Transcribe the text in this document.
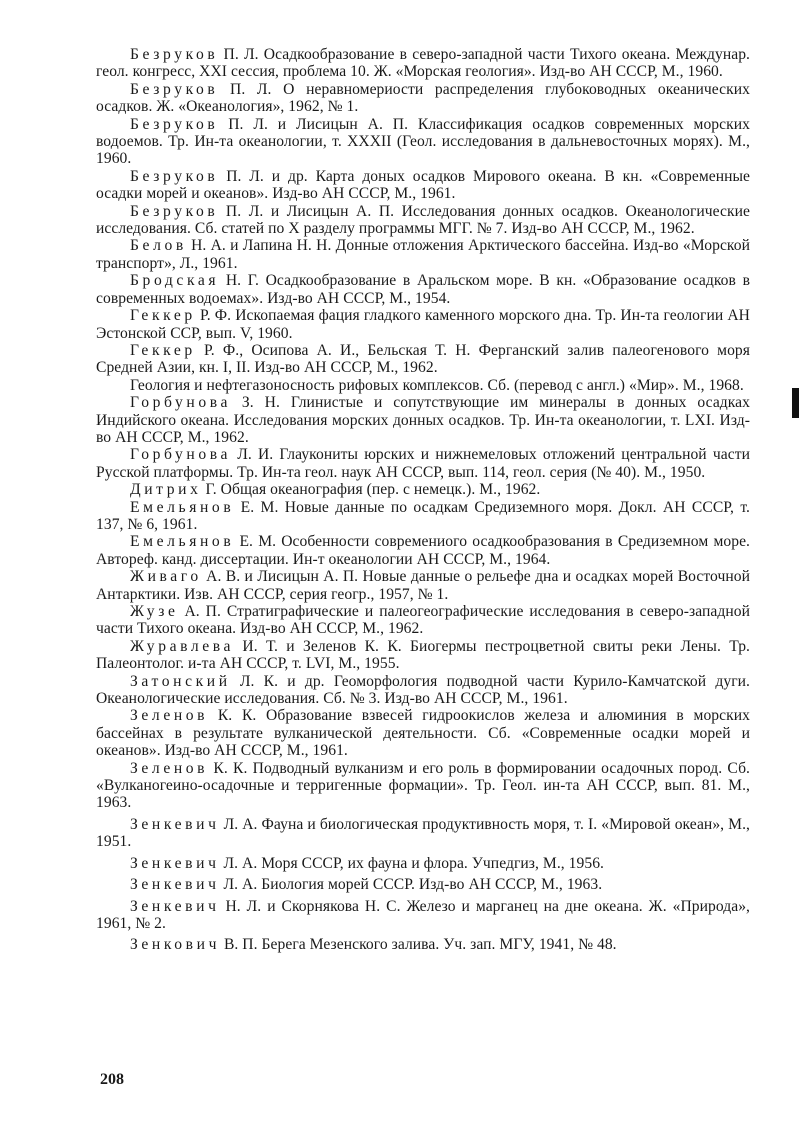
Безруков П. Л. Осадкообразование в северо-западной части Тихого океана. Междунар. геол. конгресс, XXI сессия, проблема 10. Ж. «Морская геология». Изд-во АН СССР, М., 1960.

Безруков П. Л. О неравномериости распределения глубоководных океанических осадков. Ж. «Океанология», 1962, № 1.

Безруков П. Л. и Лисицын А. П. Классификация осадков современных морских водоемов. Тр. Ин-та океанологии, т. XXXII (Геол. исследования в дальневосточных морях). М., 1960.

Безруков П. Л. и др. Карта доных осадков Мирового океана. В кн. «Современные осадки морей и океанов». Изд-во АН СССР, М., 1961.

Безруков П. Л. и Лисицын А. П. Исследования донных осадков. Океанологические исследования. Сб. статей по X разделу программы МГГ. № 7. Изд-во АН СССР, М., 1962.

Белов Н. А. и Лапина Н. Н. Донные отложения Арктического бассейна. Изд-во «Морской транспорт», Л., 1961.

Бродская Н. Г. Осадкообразование в Аральском море. В кн. «Образование осадков в современных водоемах». Изд-во АН СССР, М., 1954.

Геккер Р. Ф. Ископаемая фация гладкого каменного морского дна. Тр. Ин-та геологии АН Эстонской ССР, вып. V, 1960.

Геккер Р. Ф., Осипова А. И., Бельская Т. Н. Ферганский залив палеогенового моря Средней Азии, кн. I, II. Изд-во АН СССР, М., 1962.

Геология и нефтегазоносность рифовых комплексов. Сб. (перевод с англ.) «Мир». М., 1968.

Горбунова З. Н. Глинистые и сопутствующие им минералы в донных осадках Индийского океана. Исследования морских донных осадков. Тр. Ин-та океанологии, т. LXI. Изд-во АН СССР, М., 1962.

Горбунова Л. И. Глаукониты юрских и нижнемеловых отложений центральной части Русской платформы. Тр. Ин-та геол. наук АН СССР, вып. 114, геол. серия (№ 40). М., 1950.

Дитрих Г. Общая океанография (пер. с немецк.). М., 1962.

Емельянов Е. М. Новые данные по осадкам Средиземного моря. Докл. АН СССР, т. 137, № 6, 1961.

Емельянов Е. М. Особенности современиого осадкообразования в Средиземном море. Автореф. канд. диссертации. Ин-т океанологии АН СССР, М., 1964.

Живаго А. В. и Лисицын А. П. Новые данные о рельефе дна и осадках морей Восточной Антарктики. Изв. АН СССР, серия геогр., 1957, № 1.

Жузе А. П. Стратиграфические и палеогеографические исследования в северо-западной части Тихого океана. Изд-во АН СССР, М., 1962.

Журавлева И. Т. и Зеленов К. К. Биогермы пестроцветной свиты реки Лены. Тр. Палеонтолог. и-та АН СССР, т. LVI, М., 1955.

Затонский Л. К. и др. Геоморфология подводной части Курило-Камчатской дуги. Океанологические исследования. Сб. № 3. Изд-во АН СССР, М., 1961.

Зеленов К. К. Образование взвесей гидроокислов железа и алюминия в морских бассейнах в результате вулканической деятельности. Сб. «Современные осадки морей и океанов». Изд-во АН СССР, М., 1961.

Зеленов К. К. Подводный вулканизм и его роль в формировании осадочных пород. Сб. «Вулканогеино-осадочные и терригенные формации». Тр. Геол. ин-та АН СССР, вып. 81. М., 1963.

Зенкевич Л. А. Фауна и биологическая продуктивность моря, т. I. «Мировой океан», М., 1951.

Зенкевич Л. А. Моря СССР, их фауна и флора. Учпедгиз, М., 1956.

Зенкевич Л. А. Биология морей СССР. Изд-во АН СССР, М., 1963.

Зенкевич Н. Л. и Скорнякова Н. С. Железо и марганец на дне океана. Ж. «Природа», 1961, № 2.

Зенкович В. П. Берега Мезенского залива. Уч. зап. МГУ, 1941, № 48.

208
